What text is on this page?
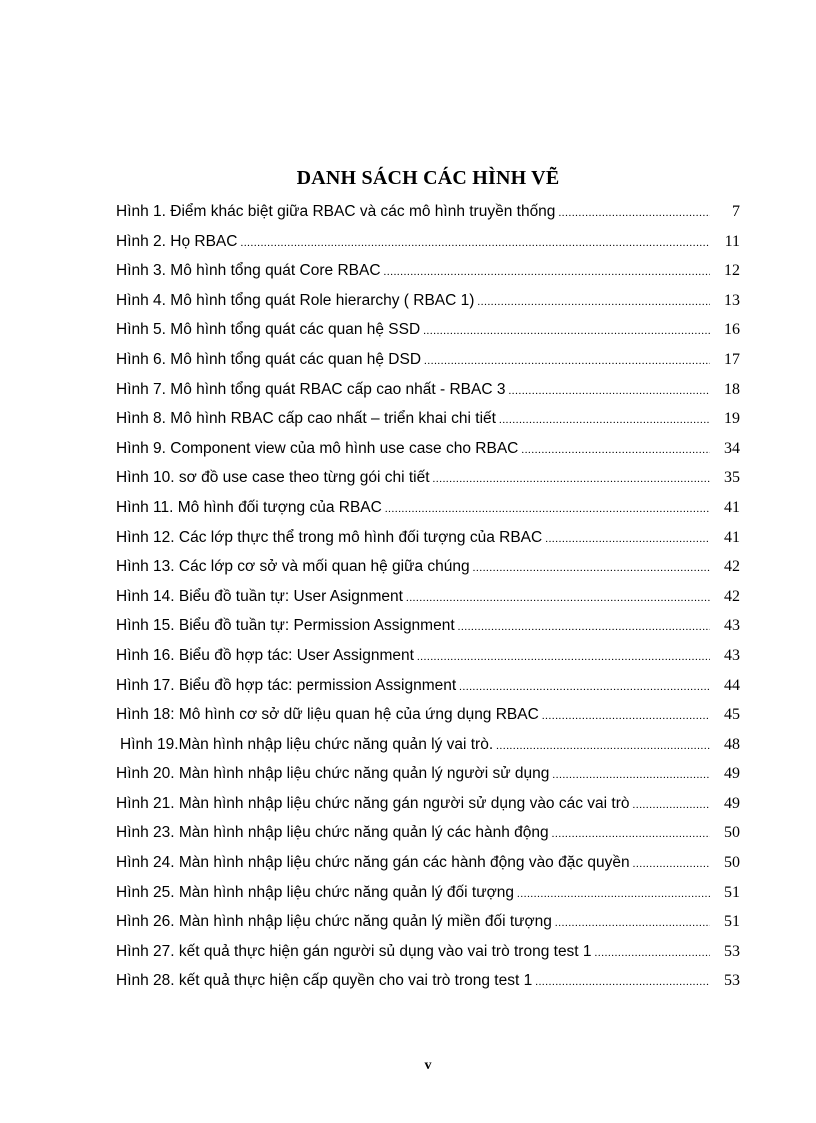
DANH SÁCH CÁC HÌNH VẼ
Hình 1. Điểm khác biệt giữa RBAC và các mô hình truyền thống .....	7
Hình 2. Họ RBAC .....	11
Hình 3. Mô hình tổng quát Core RBAC .....	12
Hình 4. Mô hình tổng quát Role hierarchy ( RBAC 1) .....	13
Hình 5. Mô hình tổng quát các quan hệ SSD .....	16
Hình 6. Mô hình tổng quát các quan hệ DSD .....	17
Hình 7. Mô hình tổng quát RBAC cấp cao nhất - RBAC 3 .....	18
Hình 8. Mô hình RBAC cấp cao nhất – triển khai chi tiết .....	19
Hình 9. Component view của mô hình use case cho RBAC .....	34
Hình 10. sơ đồ use case theo từng gói chi tiết .....	35
Hình 11. Mô hình đối tượng của RBAC .....	41
Hình 12. Các lớp thực thể trong mô hình đối tượng của RBAC .....	41
Hình 13. Các lớp cơ sở và mối quan hệ giữa chúng .....	42
Hình 14. Biểu đồ tuần tự: User Asignment .....	42
Hình 15. Biểu đồ tuần tự: Permission Assignment .....	43
Hình 16. Biểu đồ hợp tác: User Assignment .....	43
Hình 17. Biểu đồ hợp tác: permission Assignment .....	44
Hình 18: Mô hình cơ sở dữ liệu quan hệ của ứng dụng RBAC .....	45
Hình 19.Màn hình nhập liệu chức năng quản lý vai trò. .....	48
Hình 20. Màn hình nhập liệu chức năng quản lý người sử dụng .....	49
Hình 21. Màn hình nhập liệu chức năng gán người sử dụng vào các vai trò .....	49
Hình 23. Màn hình nhập liệu chức năng quản lý các hành động .....	50
Hình 24. Màn hình nhập liệu chức năng gán các hành động vào đặc quyền .....	50
Hình 25. Màn hình nhập liệu chức năng quản lý đối tượng .....	51
Hình 26. Màn hình nhập liệu chức năng quản lý miền đối tượng .....	51
Hình 27. kết quả thực hiện gán người sủ dụng vào vai trò trong test 1 .....	53
Hình 28. kết quả thực hiện cấp quyền cho vai trò trong test 1 .....	53
v
